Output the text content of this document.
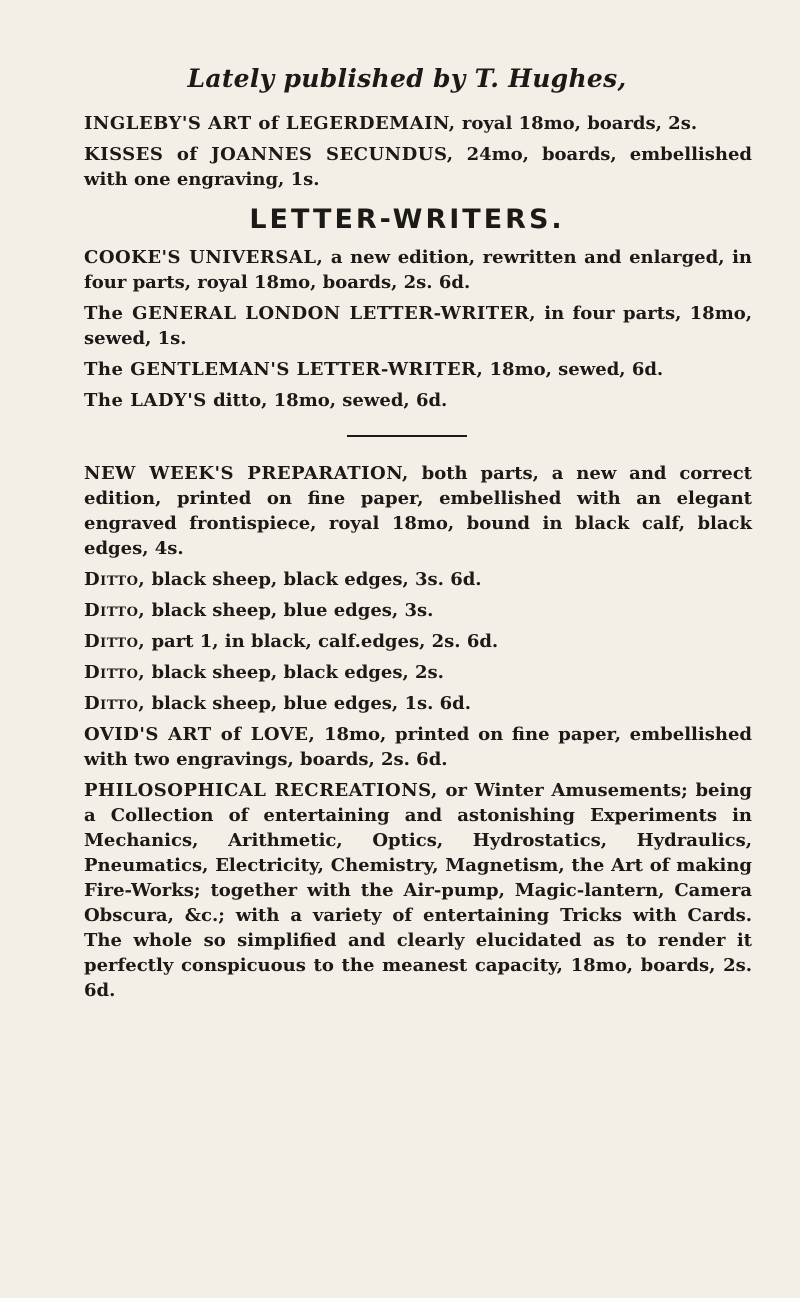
Lately published by T. Hughes,

INGLEBY'S ART of LEGERDEMAIN, royal 18mo, boards, 2s.

KISSES of JOANNES SECUNDUS, 24mo, boards, embellished with one engraving, 1s.

LETTER-WRITERS.

COOKE'S UNIVERSAL, a new edition, rewritten and enlarged, in four parts, royal 18mo, boards, 2s. 6d.

The GENERAL LONDON LETTER-WRITER, in four parts, 18mo, sewed, 1s.

The GENTLEMAN'S LETTER-WRITER, 18mo, sewed, 6d.

The LADY'S ditto, 18mo, sewed, 6d.

NEW WEEK'S PREPARATION, both parts, a new and correct edition, printed on fine paper, embellished with an elegant engraved frontispiece, royal 18mo, bound in black calf, black edges, 4s.

Ditto, black sheep, black edges, 3s. 6d.

Ditto, black sheep, blue edges, 3s.

Ditto, part 1, in black, calf.edges, 2s. 6d.

Ditto, black sheep, black edges, 2s.

Ditto, black sheep, blue edges, 1s. 6d.

OVID'S ART of LOVE, 18mo, printed on fine paper, embellished with two engravings, boards, 2s. 6d.

PHILOSOPHICAL RECREATIONS, or Winter Amusements; being a Collection of entertaining and astonishing Experiments in Mechanics, Arithmetic, Optics, Hydrostatics, Hydraulics, Pneumatics, Electricity, Chemistry, Magnetism, the Art of making Fire-Works; together with the Air-pump, Magic-lantern, Camera Obscura, &c.; with a variety of entertaining Tricks with Cards. The whole so simplified and clearly elucidated as to render it perfectly conspicuous to the meanest capacity, 18mo, boards, 2s. 6d.
